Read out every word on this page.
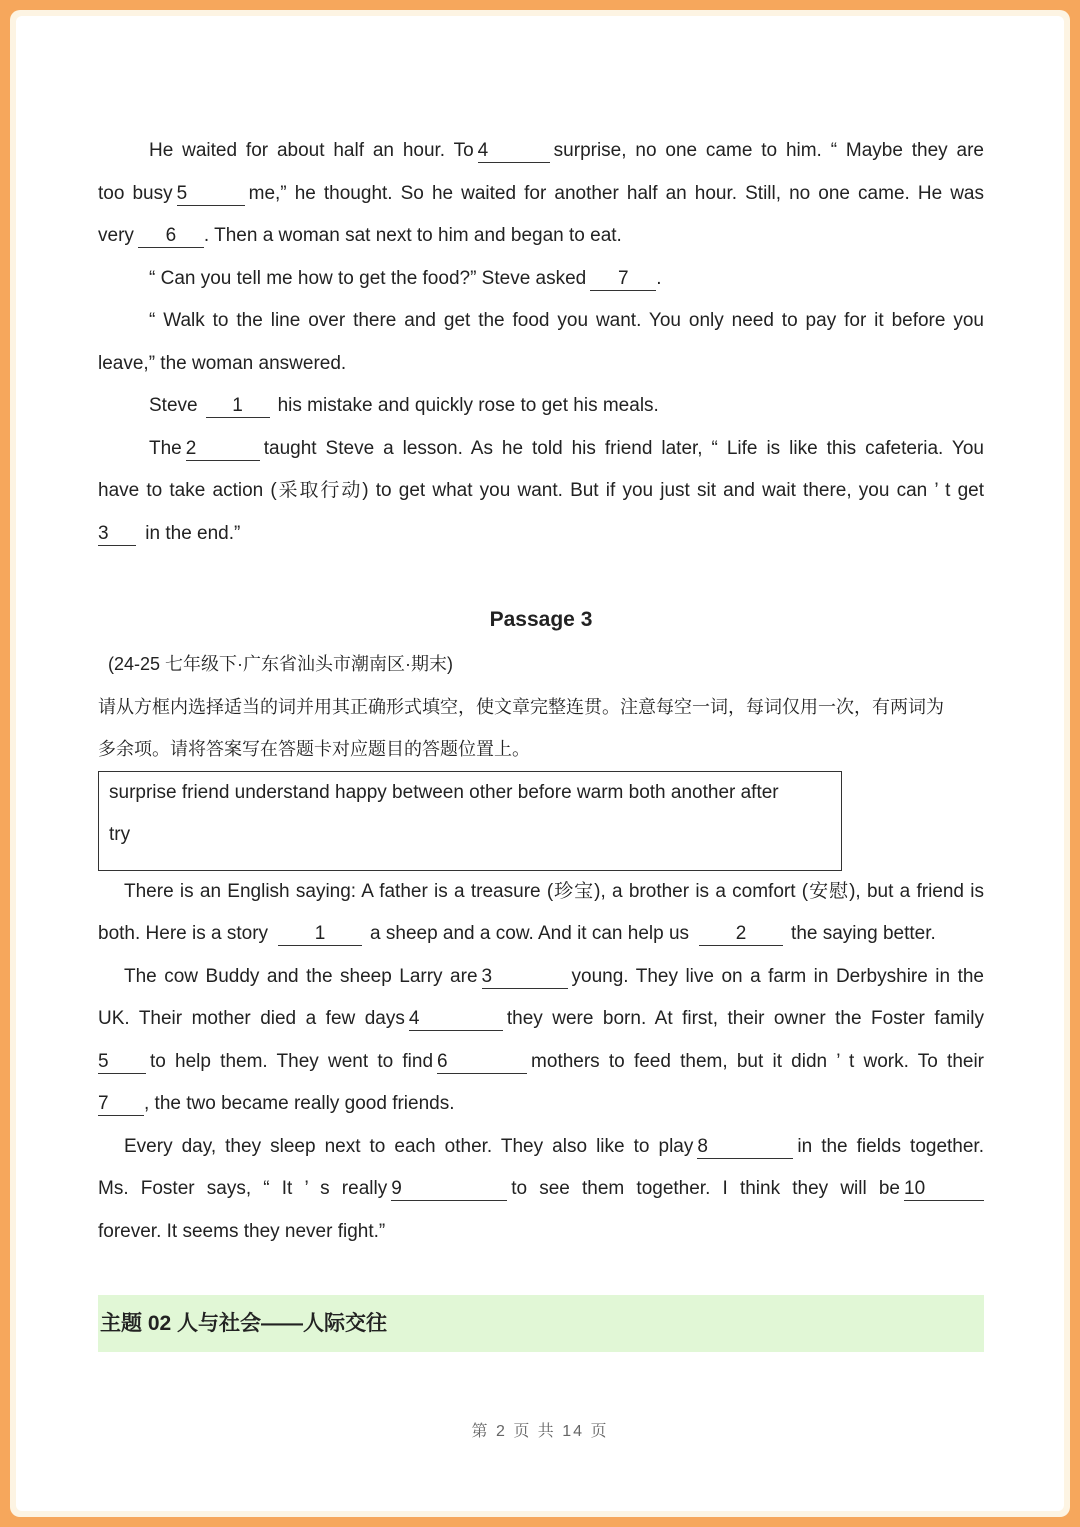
He waited for about half an hour. To 4	surprise, no one came to him. “ Maybe they are
too busy 5	me,” he thought. So he waited for another half an hour. Still, no one came. He was
very 6 . Then a woman sat next to him and began to eat.
“ Can you tell me how to get the food?” Steve asked 7 .
“ Walk to the line over there and get the food you want. You only need to pay for it before you
leave,” the woman answered.
Steve 1 his mistake and quickly rose to get his meals.
The 2	taught Steve a lesson. As he told his friend later, “ Life is like this cafeteria. You
have to take action (采取行动) to get what you want. But if you just sit and wait there, you can ’ t get
3 in the end.”
Passage 3
(24-25 七年级下·广东省汕头市潮南区·期末)
请从方框内选择适当的词并用其正确形式填空，使文章完整连贯。注意每空一词，每词仅用一次，有两词为
多余项。请将答案写在答题卡对应题目的答题位置上。
surprise friend understand happy between other before warm both another after
try
There is an English saying: A father is a treasure (珍宝), a brother is a comfort (安慰), but a friend is
both. Here is a story 1 a sheep and a cow. And it can help us 2 the saying better.
The cow Buddy and the sheep Larry are 3	young. They live on a farm in Derbyshire in the
UK. Their mother died a few days 4	they were born. At first, their owner the Foster family
5 to help them. They went to find 6	mothers to feed them, but it didn ’ t work. To their
7 , the two became really good friends.
Every day, they sleep next to each other. They also like to play 8	in the fields together.
Ms. Foster says, “ It ’ s really 9	to see them together. I think they will be 10
forever. It seems they never fight.”
主题 02 人与社会——人际交往
第 2 页 共 14 页
